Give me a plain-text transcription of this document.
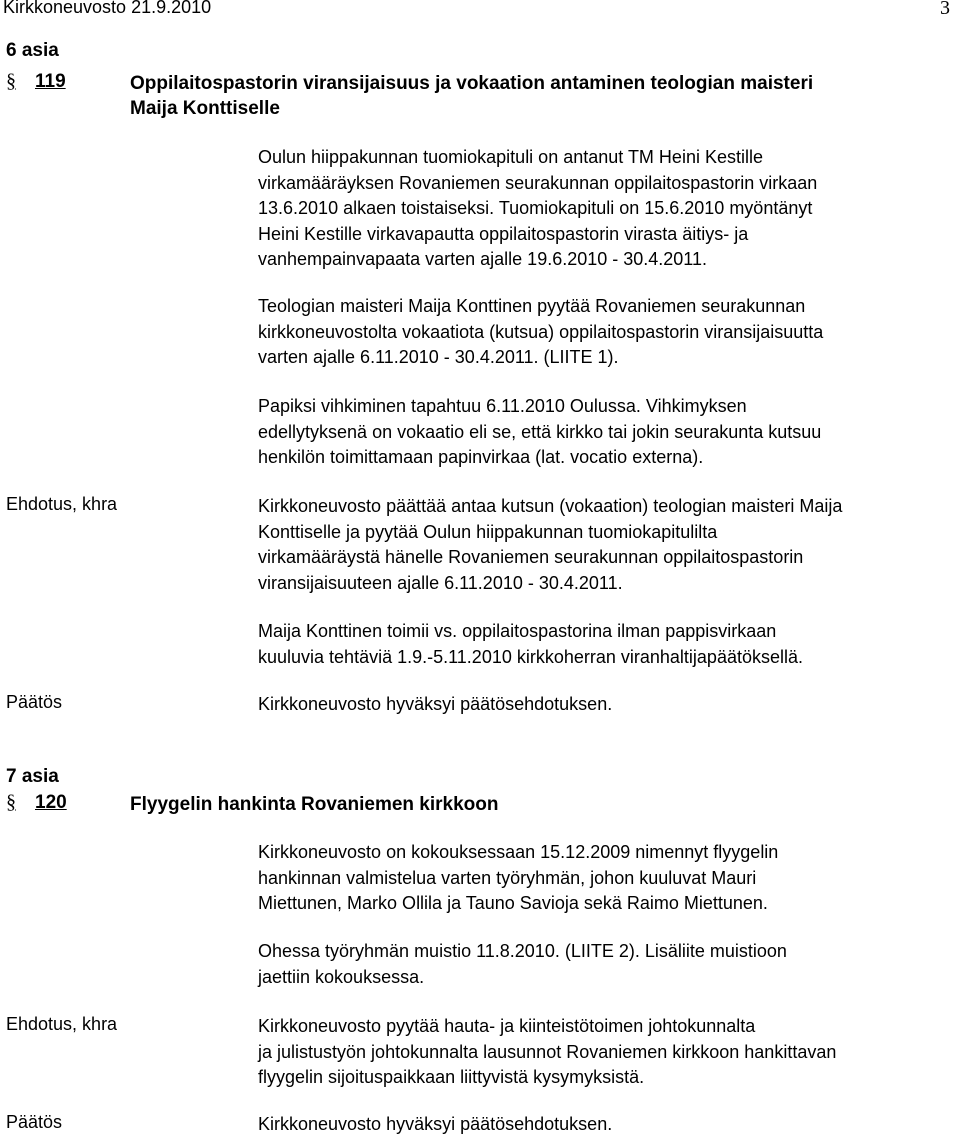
Kirkkoneuvosto 21.9.2010	3
6 asia
§ 119	Oppilaitospastorin viransijaisuus ja vokaation antaminen teologian maisteri
Maija Konttiselle
Oulun hiippakunnan tuomiokapituli on antanut TM Heini Kestille
virkamääräyksen Rovaniemen seurakunnan oppilaitospastorin virkaan
13.6.2010 alkaen toistaiseksi. Tuomiokapituli on 15.6.2010 myöntänyt
Heini Kestille virkavapautta oppilaitospastorin virasta äitiys- ja
vanhempainvapaata varten ajalle 19.6.2010 - 30.4.2011.
Teologian maisteri Maija Konttinen pyytää Rovaniemen seurakunnan
kirkkoneuvostolta vokaatiota (kutsua) oppilaitospastorin viransijaisuutta
varten ajalle 6.11.2010 - 30.4.2011. (LIITE 1).
Papiksi vihkiminen tapahtuu 6.11.2010 Oulussa. Vihkimyksen
edellytyksenä on vokaatio eli se, että kirkko tai jokin seurakunta kutsuu
henkilön toimittamaan papinvirkaa (lat. vocatio externa).
Ehdotus, khra	Kirkkoneuvosto päättää antaa kutsun (vokaation) teologian maisteri Maija
Konttiselle ja pyytää Oulun hiippakunnan tuomiokapitulilta
virkamääräystä hänelle Rovaniemen seurakunnan oppilaitospastorin
viransijaisuuteen ajalle 6.11.2010 - 30.4.2011.
Maija Konttinen toimii vs. oppilaitospastorina ilman pappisvirkaan
kuuluvia tehtäviä 1.9.-5.11.2010 kirkkoherran viranhaltijapäätöksellä.
Päätös	Kirkkoneuvosto hyväksyi päätösehdotuksen.
7 asia
§ 120	Flyygelin hankinta Rovaniemen kirkkoon
Kirkkoneuvosto on kokouksessaan 15.12.2009 nimennyt flyygelin
hankinnan valmistelua varten työryhmän, johon kuuluvat Mauri
Miettunen, Marko Ollila ja Tauno Savioja sekä Raimo Miettunen.
Ohessa työryhmän muistio 11.8.2010. (LIITE 2). Lisäliite muistioon
jaettiin kokouksessa.
Ehdotus, khra	Kirkkoneuvosto pyytää hauta- ja kiinteistötoimen johtokunnalta
ja julistustyön johtokunnalta lausunnot Rovaniemen kirkkoon hankittavan
flyygelin sijoituspaikkaan liittyvistä kysymyksistä.
Päätös	Kirkkoneuvosto hyväksyi päätösehdotuksen.
